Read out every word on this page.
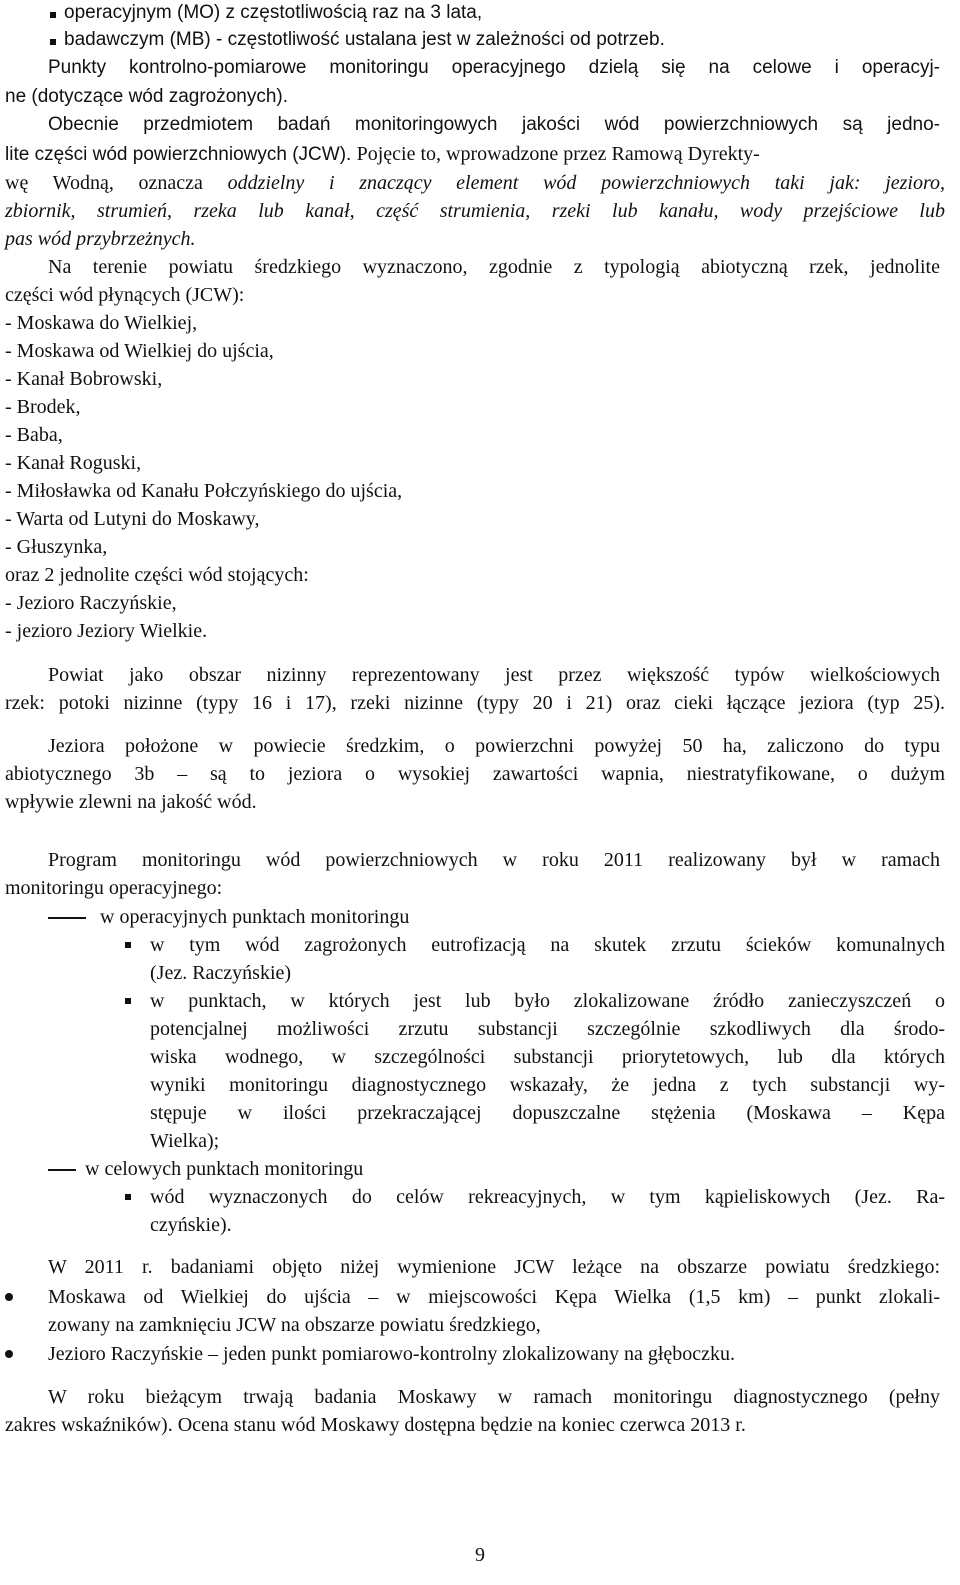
operacyjnym (MO) z częstotliwością raz na 3 lata,
badawczym (MB) - częstotliwość ustalana jest w zależności od potrzeb.
Punkty kontrolno-pomiarowe monitoringu operacyjnego dzielą się na celowe i operacyj-
ne (dotyczące wód zagrożonych).
Obecnie przedmiotem badań monitoringowych jakości wód powierzchniowych są jedno-
lite części wód powierzchniowych (JCW). Pojęcie to, wprowadzone przez Ramową Dyrekty-
wę Wodną, oznacza oddzielny i znaczący element wód powierzchniowych taki jak: jezioro,
zbiornik, strumień, rzeka lub kanał, część strumienia, rzeki lub kanału, wody przejściowe lub
pas wód przybrzeżnych.
Na terenie powiatu średzkiego wyznaczono, zgodnie z typologią abiotyczną rzek, jednolite
części wód płynących (JCW):
- Moskawa do Wielkiej,
- Moskawa od Wielkiej do ujścia,
- Kanał Bobrowski,
- Brodek,
- Baba,
- Kanał Roguski,
- Miłosławka od Kanału Połczyńskiego do ujścia,
- Warta od Lutyni do Moskawy,
- Głuszynka,
oraz 2 jednolite części wód stojących:
- Jezioro Raczyńskie,
- jezioro Jeziory Wielkie.
Powiat jako obszar nizinny reprezentowany jest przez większość typów wielkościowych
rzek: potoki nizinne (typy 16 i 17), rzeki nizinne (typy 20 i 21) oraz cieki łączące jeziora (typ 25).
Jeziora położone w powiecie średzkim, o powierzchni powyżej 50 ha, zaliczono do typu
abiotycznego 3b – są to jeziora o wysokiej zawartości wapnia, niestratyfikowane, o dużym
wpływie zlewni na jakość wód.
Program monitoringu wód powierzchniowych w roku 2011 realizowany był w ramach
monitoringu operacyjnego:
w operacyjnych punktach monitoringu
w tym wód zagrożonych eutrofizacją na skutek zrzutu ścieków komunalnych
(Jez. Raczyńskie)
w punktach, w których jest lub było zlokalizowane źródło zanieczyszczeń o
potencjalnej możliwości zrzutu substancji szczególnie szkodliwych dla środo-
wiska wodnego, w szczególności substancji priorytetowych, lub dla których
wyniki monitoringu diagnostycznego wskazały, że jedna z tych substancji wy-
stępuje w ilości przekraczającej dopuszczalne stężenia (Moskawa – Kępa
Wielka);
w celowych punktach monitoringu
wód wyznaczonych do celów rekreacyjnych, w tym kąpieliskowych (Jez. Ra-
czyńskie).
W 2011 r. badaniami objęto niżej wymienione JCW leżące na obszarze powiatu średzkiego:
Moskawa od Wielkiej do ujścia – w miejscowości Kępa Wielka (1,5 km) – punkt zlokali-
zowany na zamknięciu JCW na obszarze powiatu średzkiego,
Jezioro Raczyńskie – jeden punkt pomiarowo-kontrolny zlokalizowany na głęboczku.
W roku bieżącym trwają badania Moskawy w ramach monitoringu diagnostycznego (pełny
zakres wskaźników). Ocena stanu wód Moskawy dostępna będzie na koniec czerwca 2013 r.
9
